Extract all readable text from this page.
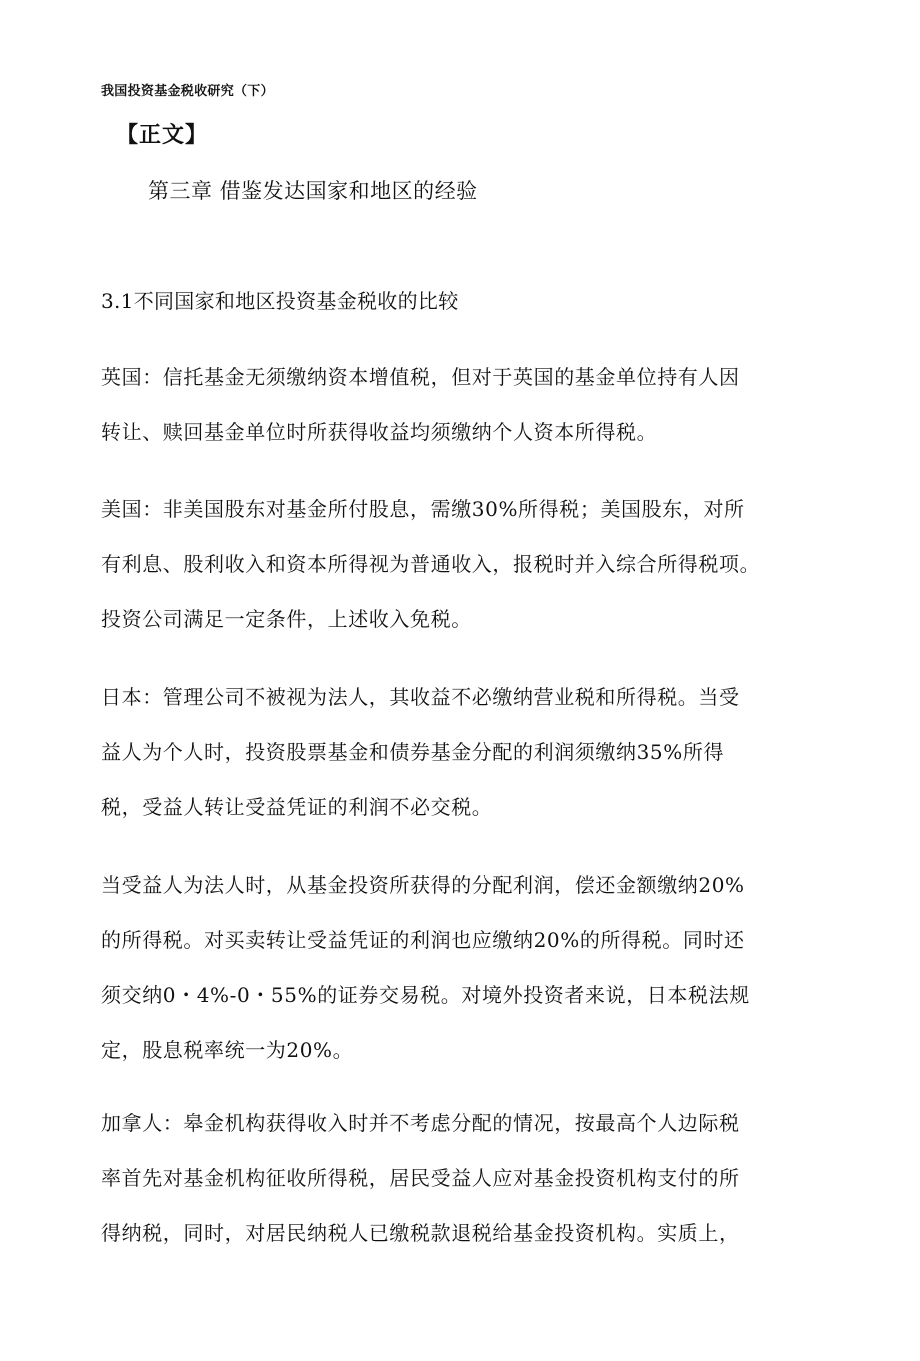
我国投资基金税收研究（下）
【正文】
第三章 借鉴发达国家和地区的经验
3.1不同国家和地区投资基金税收的比较
英国：信托基金无须缴纳资本增值税，但对于英国的基金单位持有人因
转让、赎回基金单位时所获得收益均须缴纳个人资本所得税。
美国：非美国股东对基金所付股息，需缴30%所得税；美国股东，对所
有利息、股利收入和资本所得视为普通收入，报税时并入综合所得税项。
投资公司满足一定条件，上述收入免税。
日本：管理公司不被视为法人，其收益不必缴纳营业税和所得税。当受
益人为个人时，投资股票基金和债券基金分配的利润须缴纳35%所得
税，受益人转让受益凭证的利润不必交税。
当受益人为法人时，从基金投资所获得的分配利润，偿还金额缴纳20%
的所得税。对买卖转让受益凭证的利润也应缴纳20%的所得税。同时还
须交纳0・4%-0・55%的证券交易税。对境外投资者来说，日本税法规
定，股息税率统一为20%。
加拿人：皋金机构获得收入时并不考虑分配的情况，按最高个人边际税
率首先对基金机构征收所得税，居民受益人应对基金投资机构支付的所
得纳税，同时，对居民纳税人已缴税款退税给基金投资机构。实质上，
